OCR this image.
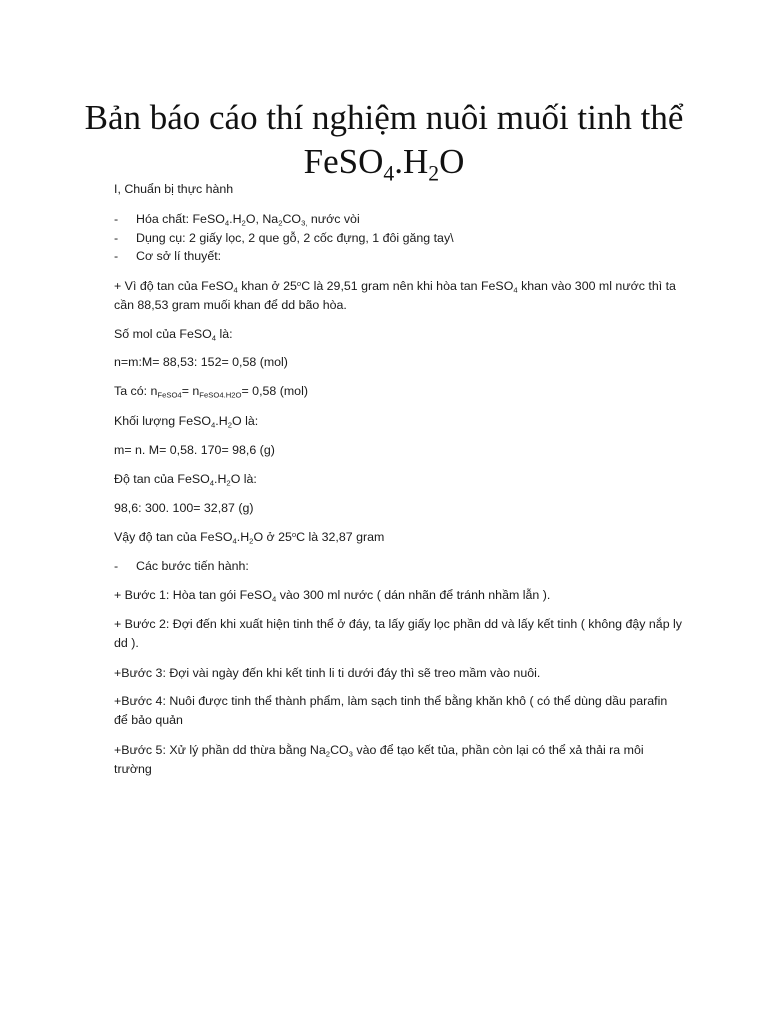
Bản báo cáo thí nghiệm nuôi muối tinh thể
$FeSO_4.H_2O$
I, Chuẩn bị thực hành
- Hóa chất: $FeSO_4.H_2O$, $Na_2CO_{3,}$ nước vòi
- Dụng cụ: 2 giấy lọc, 2 que gỗ, 2 cốc đựng, 1 đôi găng tay\
- Cơ sở lí thuyết:
+ Vì độ tan của FeSO$_4$ khan ở 25$^o$C là 29,51 gram nên khi hòa tan FeSO$_4$ khan vào 300 ml nước thì ta
cần 88,53 gram muối khan để dd bão hòa.
Số mol của FeSO$_4$ là:
n=m:M= 88,53: 152= 0,58 (mol)
Ta có: $n_{FeSO4}= n_{FeSO4.H2O}= 0,58$ (mol)
Khối lượng $FeSO_4.H_2O$ là:
m= n. M= 0,58. 170= 98,6 (g)
Độ tan của $FeSO_4.H_2O$ là:
98,6: 300. 100= 32,87 (g)
Vậy độ tan của $FeSO_4.H_2O$ ở 25$^o$C là 32,87 gram
- Các bước tiến hành:
+ Bước 1: Hòa tan gói FeSO$_4$ vào 300 ml nước ( dán nhãn để tránh nhầm lẫn ).
+ Bước 2: Đợi đến khi xuất hiện tinh thể ở đáy, ta lấy giấy lọc phần dd và lấy kết tinh ( không đậy nắp ly dd ).
+Bước 3: Đợi vài ngày đến khi kết tinh li ti dưới đáy thì sẽ treo mầm vào nuôi.
+Bước 4: Nuôi được tinh thể thành phẩm, làm sạch tinh thể bằng khăn khô ( có thể dùng dầu parafin để bảo quản
+Bước 5: Xử lý phần dd thừa bằng $Na_2CO_3$ vào để tạo kết tủa, phần còn lại có thể xả thải ra môi trường
